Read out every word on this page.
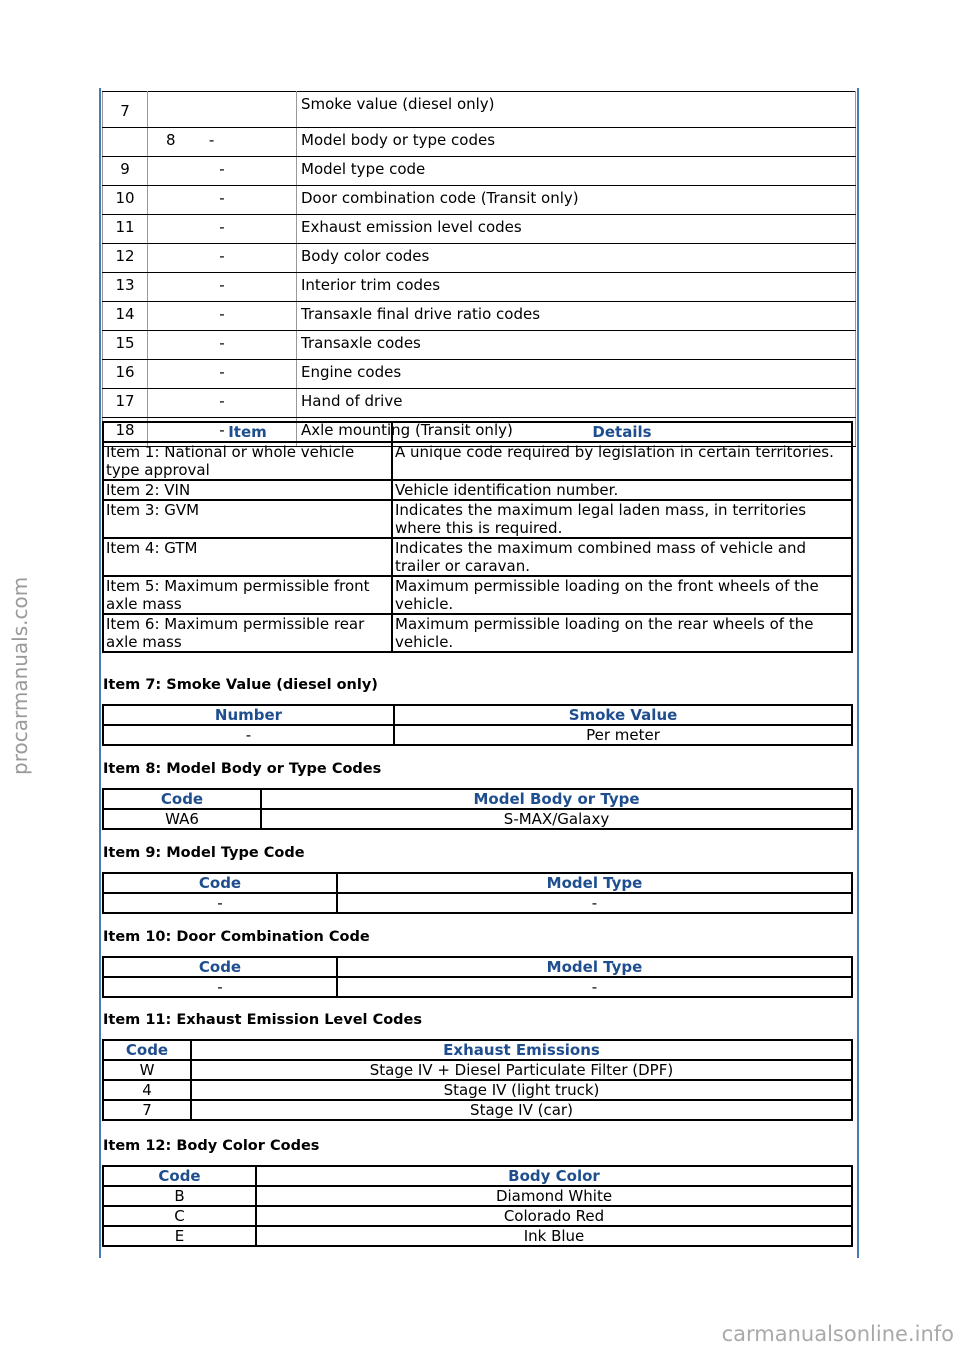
procarmanuals.com
carmanualsonline.info
7		Smoke value (diesel only)
	8       -	Model body or type codes
9	-	Model type code
10	-	Door combination code (Transit only)
11	-	Exhaust emission level codes
12	-	Body color codes
13	-	Interior trim codes
14	-	Transaxle final drive ratio codes
15	-	Transaxle codes
16	-	Engine codes
17	-	Hand of drive
18	-	Axle mounting (Transit only)
Item	Details
Item 1: National or whole vehicle type approval	A unique code required by legislation in certain territories.
Item 2: VIN	Vehicle identification number.
Item 3: GVM	Indicates the maximum legal laden mass, in territories where this is required.
Item 4: GTM	Indicates the maximum combined mass of vehicle and trailer or caravan.
Item 5: Maximum permissible front axle mass	Maximum permissible loading on the front wheels of the vehicle.
Item 6: Maximum permissible rear axle mass	Maximum permissible loading on the rear wheels of the vehicle.
Item 7: Smoke Value (diesel only)
Number	Smoke Value
-	Per meter
Item 8: Model Body or Type Codes
Code	Model Body or Type
WA6	S-MAX/Galaxy
Item 9: Model Type Code
Code	Model Type
-	-
Item 10: Door Combination Code
Code	Model Type
-	-
Item 11: Exhaust Emission Level Codes
Code	Exhaust Emissions
W	Stage IV + Diesel Particulate Filter (DPF)
4	Stage IV (light truck)
7	Stage IV (car)
Item 12: Body Color Codes
Code	Body Color
B	Diamond White
C	Colorado Red
E	Ink Blue
